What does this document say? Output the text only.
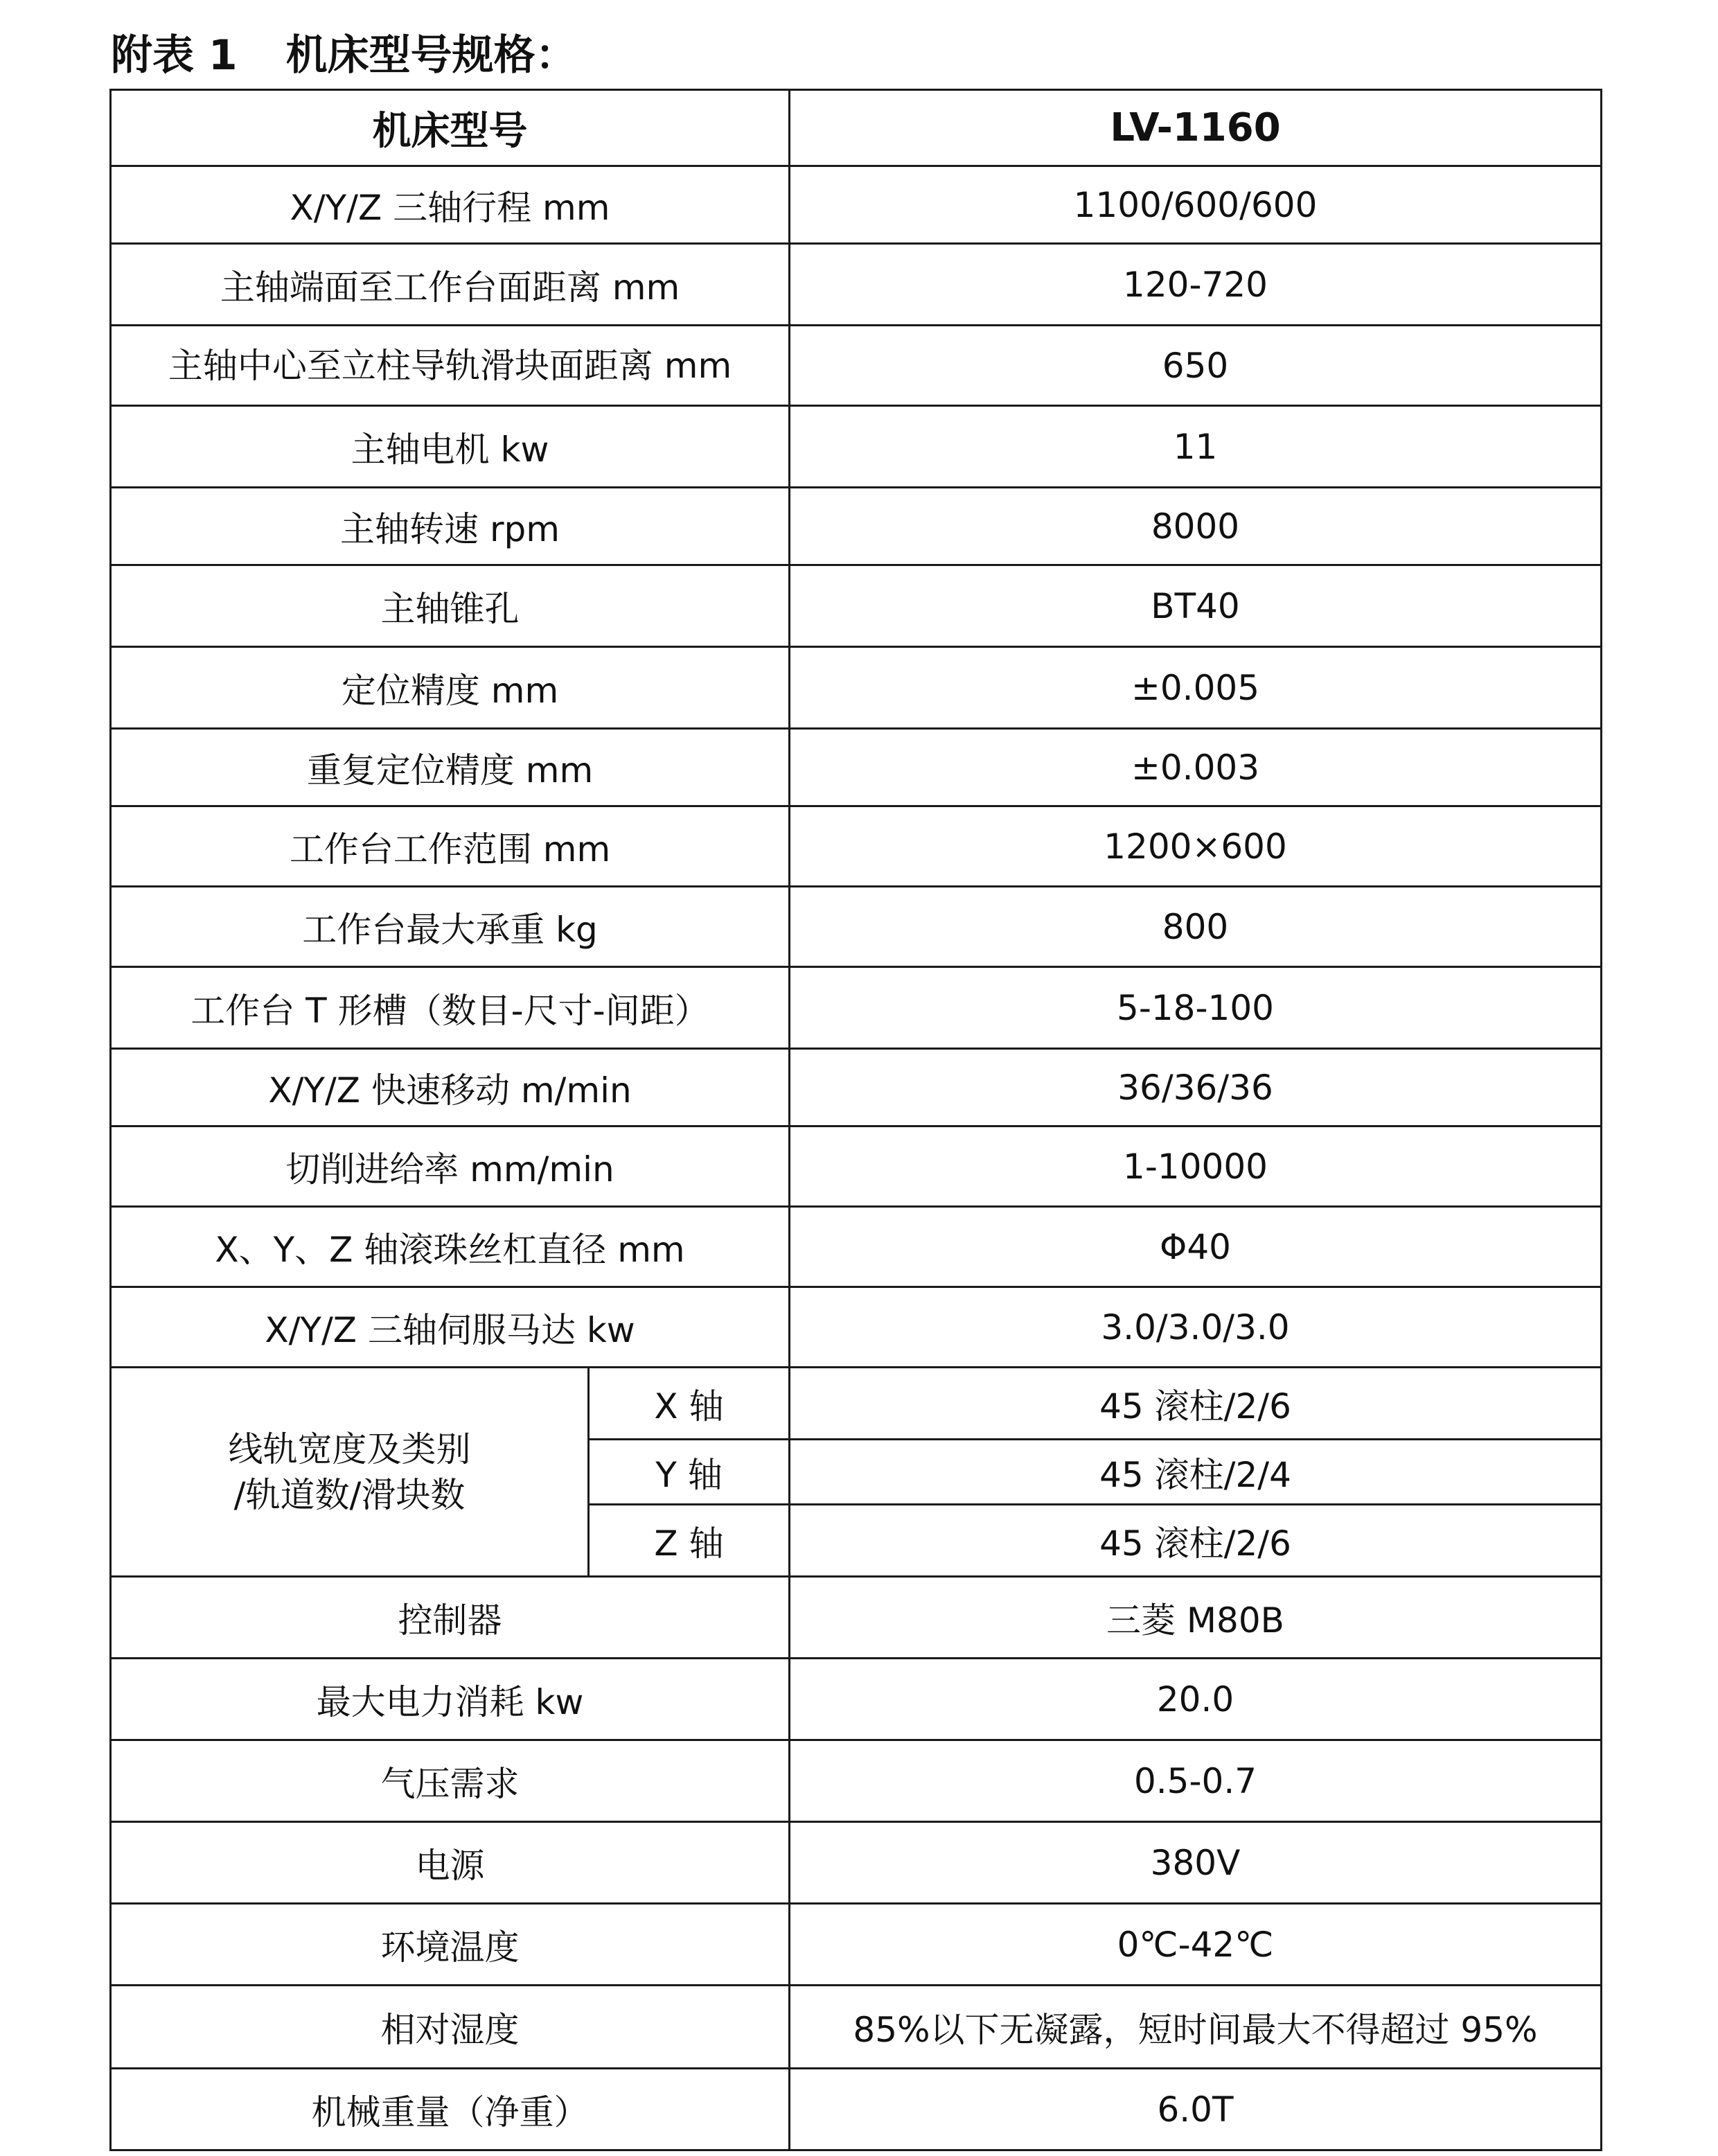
附表 1 机床型号规格：
机床型号		LV-1160
X/Y/Z 三轴行程 mm		1100/600/600
主轴端面至工作台面距离 mm		120-720
主轴中心至立柱导轨滑块面距离 mm		650
主轴电机 kw		11
主轴转速 rpm		8000
主轴锥孔		BT40
定位精度 mm		±0.005
重复定位精度 mm		±0.003
工作台工作范围 mm		1200×600
工作台最大承重 kg		800
工作台 T 形槽（数目-尺寸-间距）		5-18-100
X/Y/Z 快速移动 m/min		36/36/36
切削进给率 mm/min		1-10000
X、Y、Z 轴滚珠丝杠直径 mm		Φ40
X/Y/Z 三轴伺服马达 kw		3.0/3.0/3.0

线轨宽度及类别
/轨道数/滑块数	X 轴	45 滚柱/2/6
	Y 轴	45 滚柱/2/4
	Z 轴	45 滚柱/2/6
控制器		三菱 M80B
最大电力消耗 kw		20.0
气压需求		0.5-0.7
电源		380V
环境温度		0℃-42℃
相对湿度		85%以下无凝露，短时间最大不得超过 95%
机械重量（净重）		6.0T
